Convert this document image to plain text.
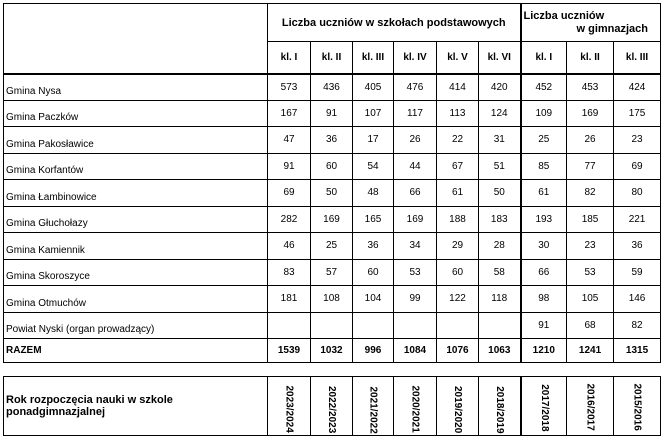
	Liczba uczniów w szkołach podstawowych						Liczba uczniów
w gimnazjach		

	kl. I	kl. II	kl. III	kl. IV	kl. V	kl. VI	kl. I	kl. II	kl. III
Gmina Nysa	573	436	405	476	414	420	452	453	424
Gmina Paczków	167	91	107	117	113	124	109	169	175
Gmina Pakosławice	47	36	17	26	22	31	25	26	23
Gmina Korfantów	91	60	54	44	67	51	85	77	69
Gmina Łambinowice	69	50	48	66	61	50	61	82	80
Gmina Głuchołazy	282	169	165	169	188	183	193	185	221
Gmina Kamiennik	46	25	36	34	29	28	30	23	36
Gmina Skoroszyce	83	57	60	53	60	58	66	53	59
Gmina Otmuchów	181	108	104	99	122	118	98	105	146
Powiat Nyski (organ prowadzący)							91	68	82
RAZEM	1539	1032	996	1084	1076	1063	1210	1241	1315
Rok rozpoczęcia nauki w szkole ponadgimnazjalnej	2023/2024	2022/2023	2021/2022	2020/2021	2019/2020	2018/2019	2017/2018	2016/2017	2015/2016
